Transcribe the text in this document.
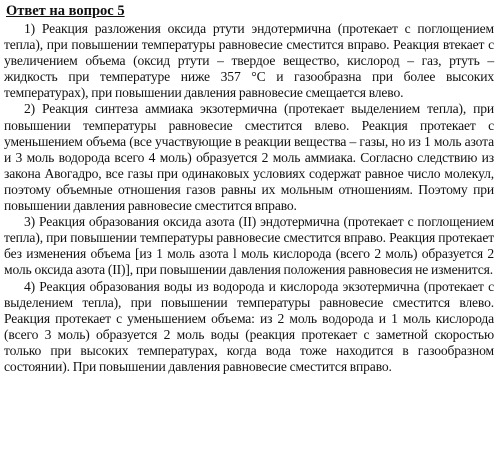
Ответ на вопрос 5

1) Реакция разложения оксида ртути эндотермична (протекает с поглощением тепла), при повышении температуры равновесие сместится вправо. Реакция втекает с увеличением объема (оксид ртути – твердое вещество, кислород – газ, ртуть – жидкость при температуре ниже 357 °С и газообразна при более высоких температурах), при повышении давления равновесие смещается влево.

2) Реакция синтеза аммиака экзотермична (протекает выделением тепла), при повышении температуры равновесие сместится влево. Реакция протекает с уменьшением объема (все участвующие в реакции вещества – газы, но из 1 моль азота и 3 моль водорода всего 4 моль) образуется 2 моль аммиака. Согласно следствию из закона Авогадро, все газы при одинаковых условиях содержат равное число молекул, поэтому объемные отношения газов равны их мольным отношениям. Поэтому при повышении давления равновесие сместится вправо.

3) Реакция образования оксида азота (II) эндотермична (протекает с поглощением тепла), при повышении температуры равновесие сместится вправо. Реакция протекает без изменения объема [из 1 моль азота l моль кислорода (всего 2 моль) образуется 2 моль оксида азота (II)], при повышении давления положения равновесия не изменится.

4) Реакция образования воды из водорода и кислорода экзотермична (протекает с выделением тепла), при повышении температуры равновесие сместится влево. Реакция протекает с уменьшением объема: из 2 моль водорода и 1 моль кислорода (всего 3 моль) образуется 2 моль воды (реакция протекает с заметной скоростью только при высоких температурах, когда вода тоже находится в газообразном состоянии). При повышении давления равновесие сместится вправо.
